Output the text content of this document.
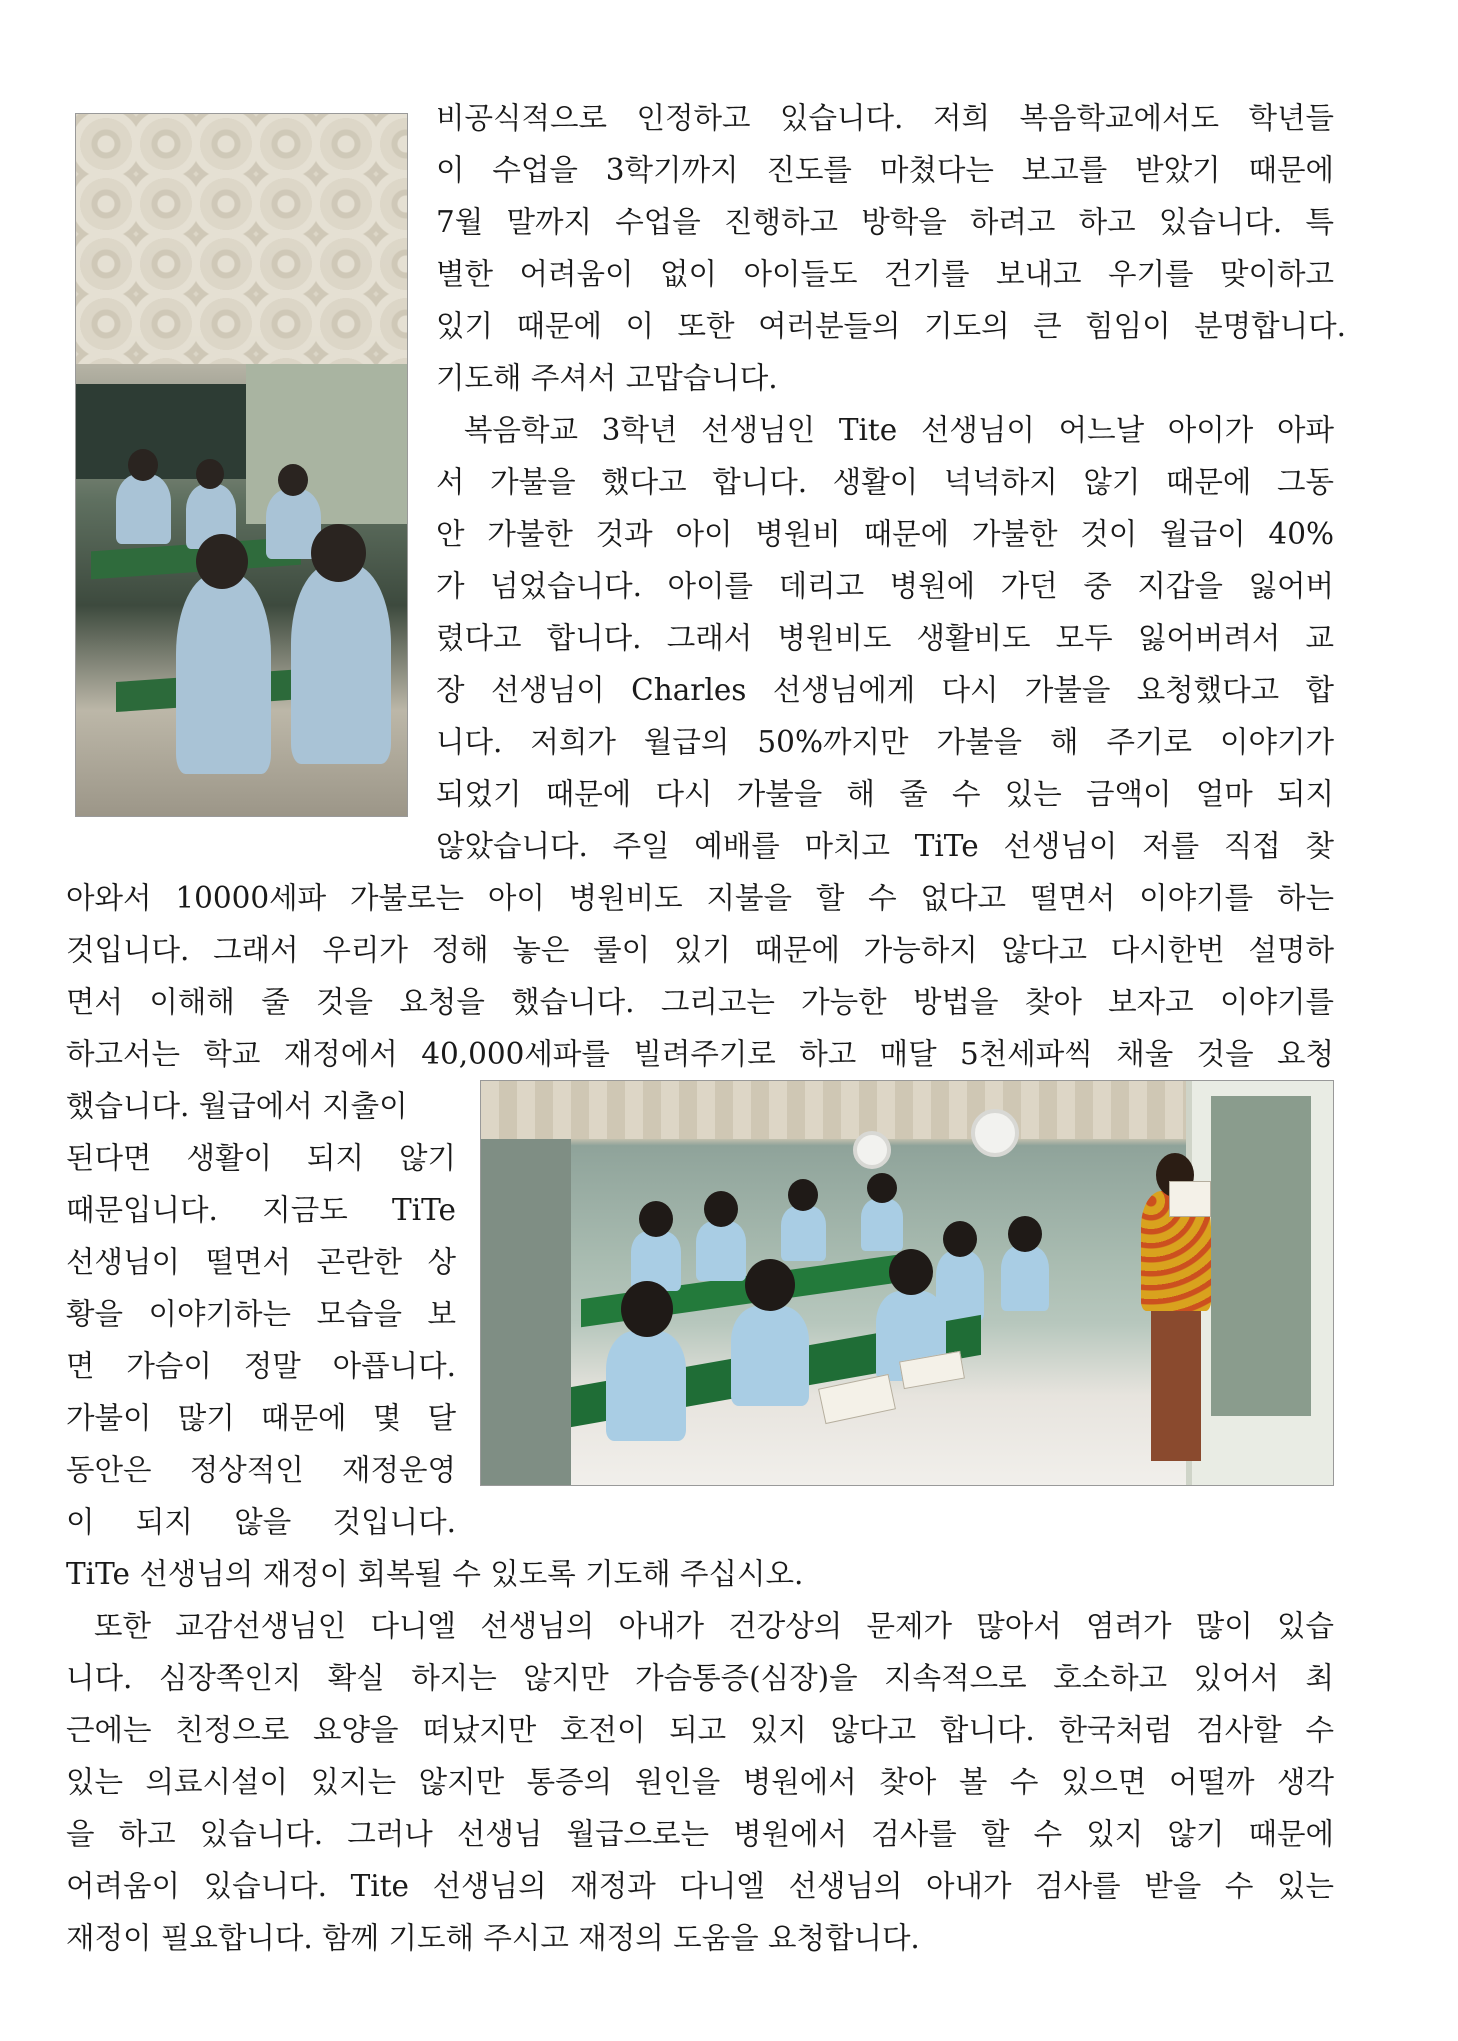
비공식적으로 인정하고 있습니다. 저희 복음학교에서도 학년들
이 수업을 3학기까지 진도를 마쳤다는 보고를 받았기 때문에
7월 말까지 수업을 진행하고 방학을 하려고 하고 있습니다. 특
별한 어려움이 없이 아이들도 건기를 보내고 우기를 맞이하고
있기 때문에 이 또한 여러분들의 기도의 큰 힘임이 분명합니다.
기도해 주셔서 고맙습니다.
복음학교 3학년 선생님인 Tite 선생님이 어느날 아이가 아파
서 가불을 했다고 합니다. 생활이 넉넉하지 않기 때문에 그동
안 가불한 것과 아이 병원비 때문에 가불한 것이 월급이 40%
가 넘었습니다. 아이를 데리고 병원에 가던 중 지갑을 잃어버
렸다고 합니다. 그래서 병원비도 생활비도 모두 잃어버려서 교
장 선생님이 Charles 선생님에게 다시 가불을 요청했다고 합
니다. 저희가 월급의 50%까지만 가불을 해 주기로 이야기가
되었기 때문에 다시 가불을 해 줄 수 있는 금액이 얼마 되지
않았습니다. 주일 예배를 마치고 TiTe 선생님이 저를 직접 찾
아와서 10000세파 가불로는 아이 병원비도 지불을 할 수 없다고 떨면서 이야기를 하는
것입니다. 그래서 우리가 정해 놓은 룰이 있기 때문에 가능하지 않다고 다시한번 설명하
면서 이해해 줄 것을 요청을 했습니다. 그리고는 가능한 방법을 찾아 보자고 이야기를
하고서는 학교 재정에서 40,000세파를 빌려주기로 하고 매달 5천세파씩 채울 것을 요청
했습니다. 월급에서 지출이
된다면 생활이 되지 않기
때문입니다. 지금도 TiTe
선생님이 떨면서 곤란한 상
황을 이야기하는 모습을 보
면 가슴이 정말 아픕니다.
가불이 많기 때문에 몇 달
동안은 정상적인 재정운영
이 되지 않을 것입니다.
TiTe 선생님의 재정이 회복될 수 있도록 기도해 주십시오.
또한 교감선생님인 다니엘 선생님의 아내가 건강상의 문제가 많아서 염려가 많이 있습
니다. 심장쪽인지 확실 하지는 않지만 가슴통증(심장)을 지속적으로 호소하고 있어서 최
근에는 친정으로 요양을 떠났지만 호전이 되고 있지 않다고 합니다. 한국처럼 검사할 수
있는 의료시설이 있지는 않지만 통증의 원인을 병원에서 찾아 볼 수 있으면 어떨까 생각
을 하고 있습니다. 그러나 선생님 월급으로는 병원에서 검사를 할 수 있지 않기 때문에
어려움이 있습니다. Tite 선생님의 재정과 다니엘 선생님의 아내가 검사를 받을 수 있는
재정이 필요합니다. 함께 기도해 주시고 재정의 도움을 요청합니다.
